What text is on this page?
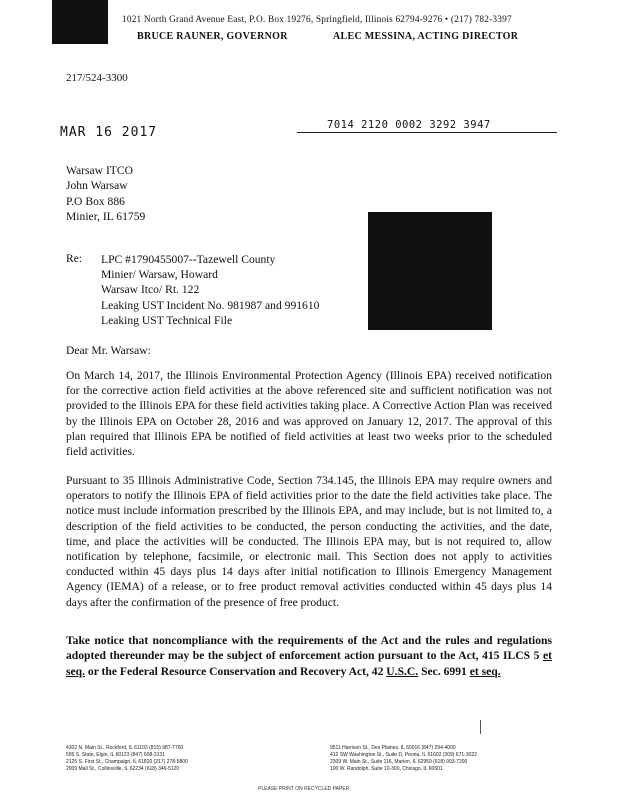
1021 North Grand Avenue East, P.O. Box 19276, Springfield, Illinois 62794-9276 • (217) 782-3397
BRUCE RAUNER, GOVERNOR	ALEC MESSINA, ACTING DIRECTOR
217/524-3300
MAR 16 2017	7014 2120 0002 3292 3947
Warsaw ITCO
John Warsaw
P.O Box 886
Minier, IL 61759
Re: LPC #1790455007--Tazewell County
Minier/ Warsaw, Howard
Warsaw Itco/ Rt. 122
Leaking UST Incident No. 981987 and 991610
Leaking UST Technical File
Dear Mr. Warsaw:
On March 14, 2017, the Illinois Environmental Protection Agency (Illinois EPA) received notification for the corrective action field activities at the above referenced site and sufficient notification was not provided to the Illinois EPA for these field activities taking place. A Corrective Action Plan was received by the Illinois EPA on October 28, 2016 and was approved on January 12, 2017. The approval of this plan required that Illinois EPA be notified of field activities at least two weeks prior to the scheduled field activities.
Pursuant to 35 Illinois Administrative Code, Section 734.145, the Illinois EPA may require owners and operators to notify the Illinois EPA of field activities prior to the date the field activities take place. The notice must include information prescribed by the Illinois EPA, and may include, but is not limited to, a description of the field activities to be conducted, the person conducting the activities, and the date, time, and place the activities will be conducted. The Illinois EPA may, but is not required to, allow notification by telephone, facsimile, or electronic mail. This Section does not apply to activities conducted within 45 days plus 14 days after initial notification to Illinois Emergency Management Agency (IEMA) of a release, or to free product removal activities conducted within 45 days plus 14 days after the confirmation of the presence of free product.
Take notice that noncompliance with the requirements of the Act and the rules and regulations adopted thereunder may be the subject of enforcement action pursuant to the Act, 415 ILCS 5 et seq. or the Federal Resource Conservation and Recovery Act, 42 U.S.C. Sec. 6991 et seq.
4302 N. Main St., Rockford, IL 61103 (815) 987-7760
595 S. State, Elgin, IL 60123 (847) 608-3131
2125 S. First St., Champaign, IL 61820 (217) 278-5800
2009 Mall St., Collinsville, IL 62234 (618) 346-5120
9511 Harrison St., Des Plaines, IL 60016 (847) 294-4000
412 SW Washington St., Suite D, Peoria, IL 61602 (309) 671-3022
2309 W. Main St., Suite 116, Marion, IL 62959 (618) 993-7200
100 W. Randolph, Suite 10-300, Chicago, IL 60601
PLEASE PRINT ON RECYCLED PAPER
